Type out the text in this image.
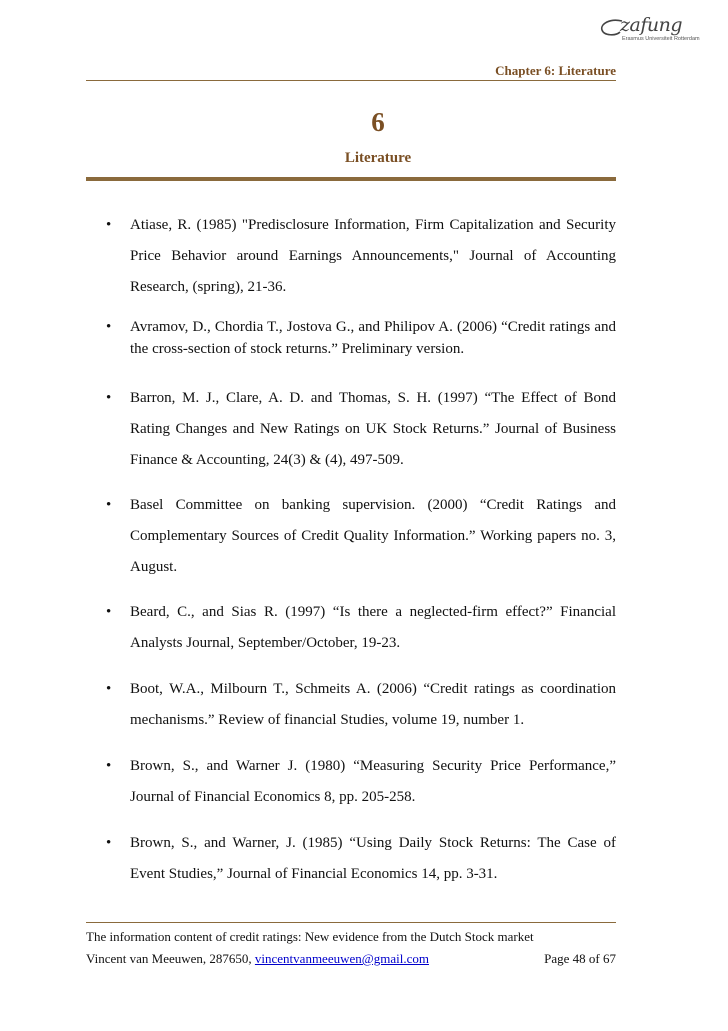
zafung
Erasmus Universiteit Rotterdam
Chapter 6: Literature
6
Literature
• Atiase, R. (1985) "Predisclosure Information, Firm Capitalization and Security Price Behavior around Earnings Announcements," Journal of Accounting Research, (spring), 21-36.
• Avramov, D., Chordia T., Jostova G., and Philipov A. (2006) “Credit ratings and the cross-section of stock returns.” Preliminary version.
• Barron, M. J., Clare, A. D. and Thomas, S. H. (1997) “The Effect of Bond Rating Changes and New Ratings on UK Stock Returns.” Journal of Business Finance & Accounting, 24(3) & (4), 497-509.
• Basel Committee on banking supervision. (2000) “Credit Ratings and Complementary Sources of Credit Quality Information.” Working papers no. 3, August.
• Beard, C., and Sias R. (1997) “Is there a neglected-firm effect?” Financial Analysts Journal, September/October, 19-23.
• Boot, W.A., Milbourn T., Schmeits A. (2006) “Credit ratings as coordination mechanisms.” Review of financial Studies, volume 19, number 1.
• Brown, S., and Warner J. (1980) “Measuring Security Price Performance,” Journal of Financial Economics 8, pp. 205-258.
• Brown, S., and Warner, J. (1985) “Using Daily Stock Returns: The Case of Event Studies,” Journal of Financial Economics 14, pp. 3-31.
The information content of credit ratings: New evidence from the Dutch Stock market
Vincent van Meeuwen, 287650, vincentvanmeeuwen@gmail.com	Page 48 of 67
